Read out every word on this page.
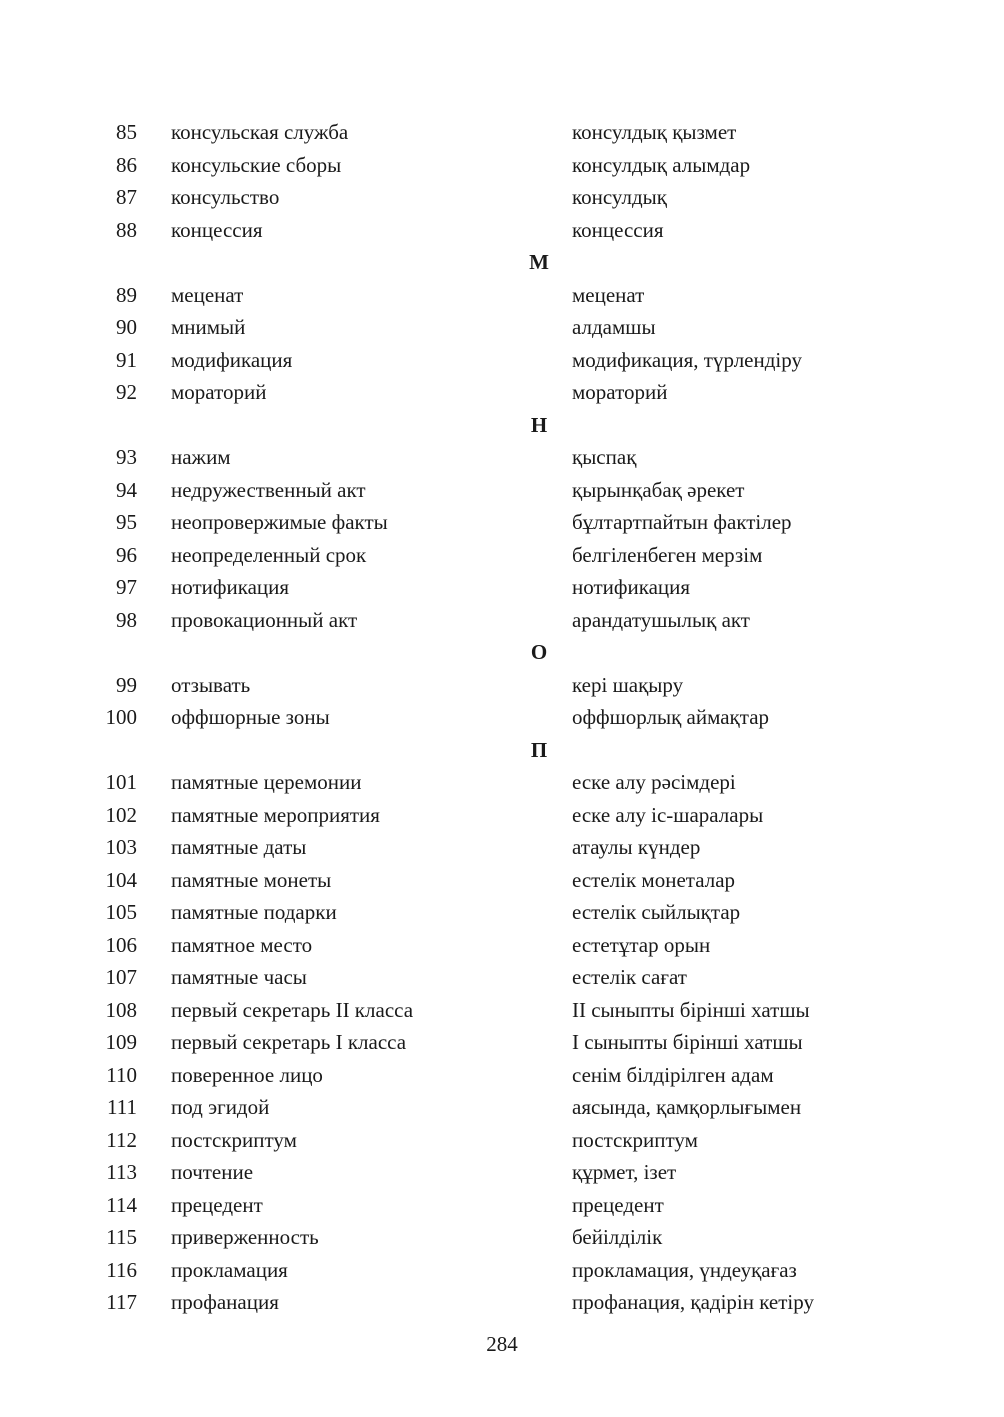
85 консульская служба	консулдық қызмет
86 консульские сборы	консулдық алымдар
87 консульство	консулдық
88 концессия	концессия
М
89 меценат	меценат
90 мнимый	алдамшы
91 модификация	модификация, түрлендіру
92 мораторий	мораторий
Н
93 нажим	қыспақ
94 недружественный акт	қырынқабақ әрекет
95 неопровержимые факты	бұлтартпайтын фактілер
96 неопределенный срок	белгіленбеген мерзім
97 нотификация	нотификация
98 провокационный акт	арандатушылық акт
О
99 отзывать	кері шақыру
100 оффшорные зоны	оффшорлық аймақтар
П
101 памятные церемонии	еске алу рәсімдері
102 памятные мероприятия	еске алу іс-шаралары
103 памятные даты	атаулы күндер
104 памятные монеты	естелік монеталар
105 памятные подарки	естелік сыйлықтар
106 памятное место	естетұтар орын
107 памятные часы	естелік сағат
108 первый секретарь II класса	II сыныпты бірінші хатшы
109 первый секретарь I класса	I сыныпты бірінші хатшы
110 поверенное лицо	сенім білдірілген адам
111 под эгидой	аясында, қамқорлығымен
112 постскриптум	постскриптум
113 почтение	құрмет, ізет
114 прецедент	прецедент
115 приверженность	бейілділік
116 прокламация	прокламация, үндеуқағаз
117 профанация	профанация, қадірін кетіру
284
